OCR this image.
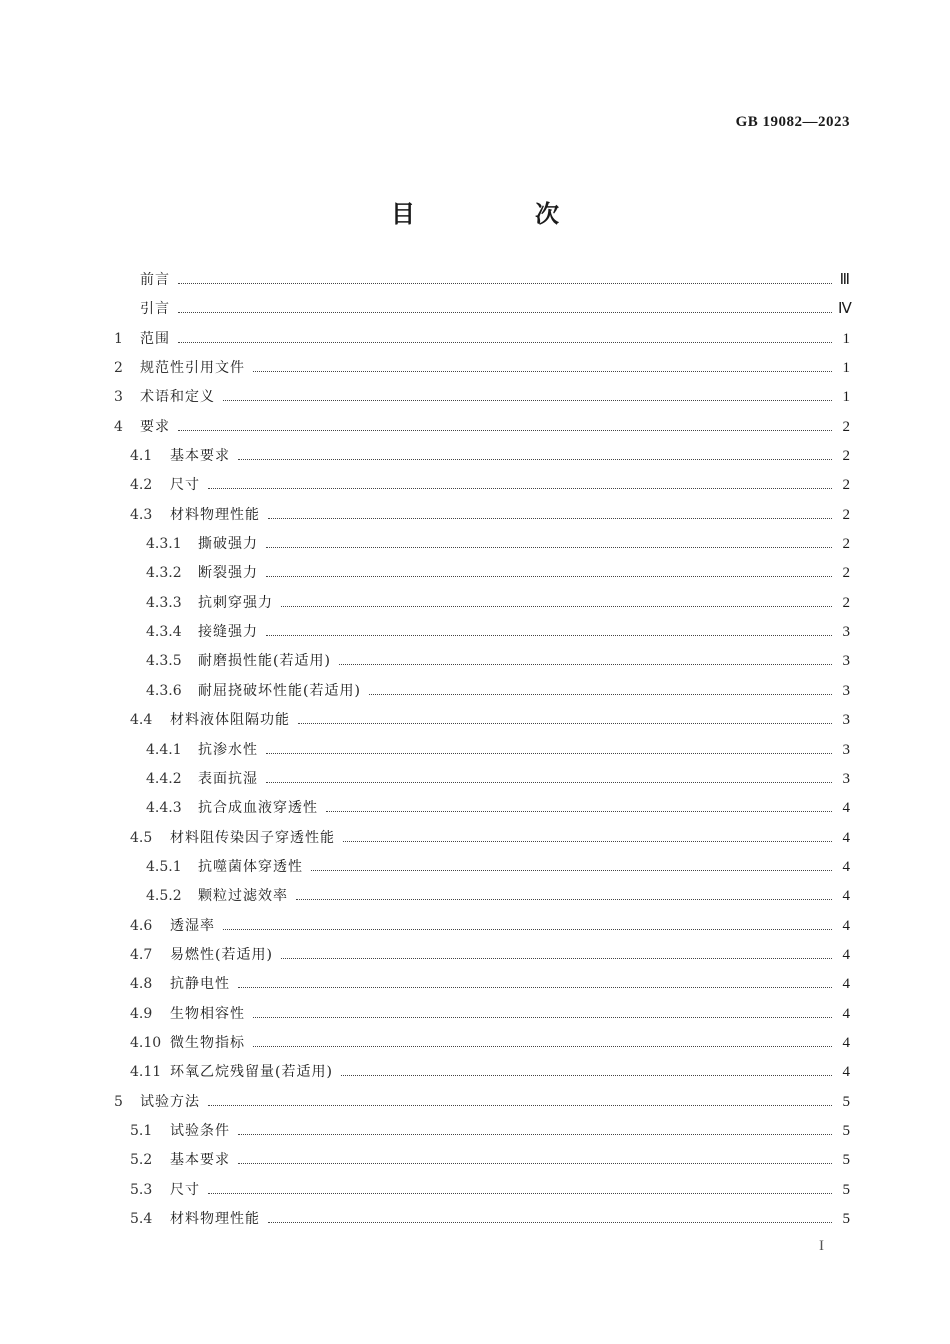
GB 19082—2023
目　次
前言	Ⅲ
引言	Ⅳ
1	范围	1
2	规范性引用文件	1
3	术语和定义	1
4	要求	2
4.1	基本要求	2
4.2	尺寸	2
4.3	材料物理性能	2
4.3.1	撕破强力	2
4.3.2	断裂强力	2
4.3.3	抗刺穿强力	2
4.3.4	接缝强力	3
4.3.5	耐磨损性能(若适用)	3
4.3.6	耐屈挠破坏性能(若适用)	3
4.4	材料液体阻隔功能	3
4.4.1	抗渗水性	3
4.4.2	表面抗湿	3
4.4.3	抗合成血液穿透性	4
4.5	材料阻传染因子穿透性能	4
4.5.1	抗噬菌体穿透性	4
4.5.2	颗粒过滤效率	4
4.6	透湿率	4
4.7	易燃性(若适用)	4
4.8	抗静电性	4
4.9	生物相容性	4
4.10 微生物指标	4
4.11 环氧乙烷残留量(若适用)	4
5	试验方法	5
5.1	试验条件	5
5.2	基本要求	5
5.3	尺寸	5
5.4	材料物理性能	5
I
